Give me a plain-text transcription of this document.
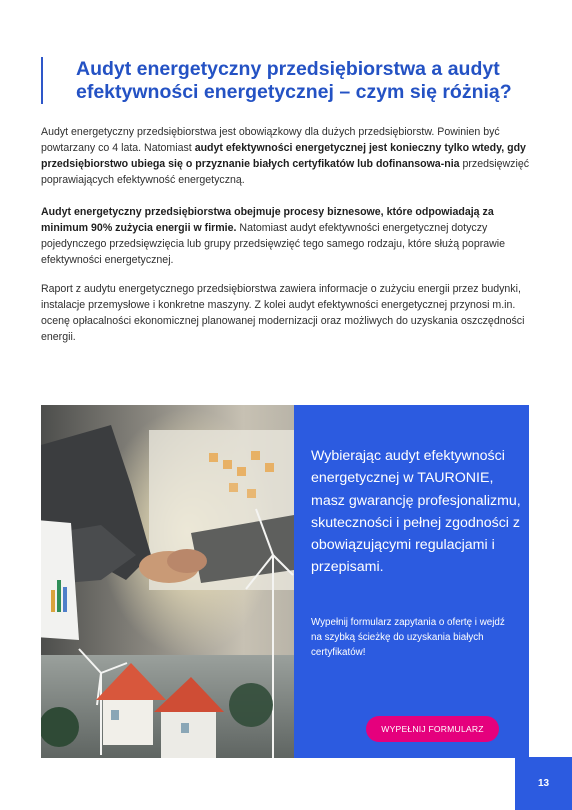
Audyt energetyczny przedsiębiorstwa a audyt efektywności energetycznej – czym się różnią?

Audyt energetyczny przedsiębiorstwa jest obowiązkowy dla dużych przedsiębiorstw. Powinien być powtarzany co 4 lata. Natomiast audyt efektywności energetycznej jest konieczny tylko wtedy, gdy przedsiębiorstwo ubiega się o przyznanie białych certyfikatów lub dofinansowa-nia przedsięwzięć poprawiających efektywność energetyczną.

Audyt energetyczny przedsiębiorstwa obejmuje procesy biznesowe, które odpowiadają za minimum 90% zużycia energii w firmie. Natomiast audyt efektywności energetycznej dotyczy pojedynczego przedsięwzięcia lub grupy przedsięwzięć tego samego rodzaju, które służą poprawie efektywności energetycznej.

Raport z audytu energetycznego przedsiębiorstwa zawiera informacje o zużyciu energii przez budynki, instalacje przemysłowe i konkretne maszyny. Z kolei audyt efektywności energetycznej przynosi m.in. ocenę opłacalności ekonomicznej planowanej modernizacji oraz możliwych do uzyskania oszczędności energii.

Wybierając audyt efektywności energetycznej w TAURONIE, masz gwarancję profesjonalizmu, skuteczności i pełnej zgodności z obowiązującymi regulacjami i przepisami.

Wypełnij formularz zapytania o ofertę i wejdź na szybką ścieżkę do uzyskania białych certyfikatów!

WYPEŁNIJ FORMULARZ
13
